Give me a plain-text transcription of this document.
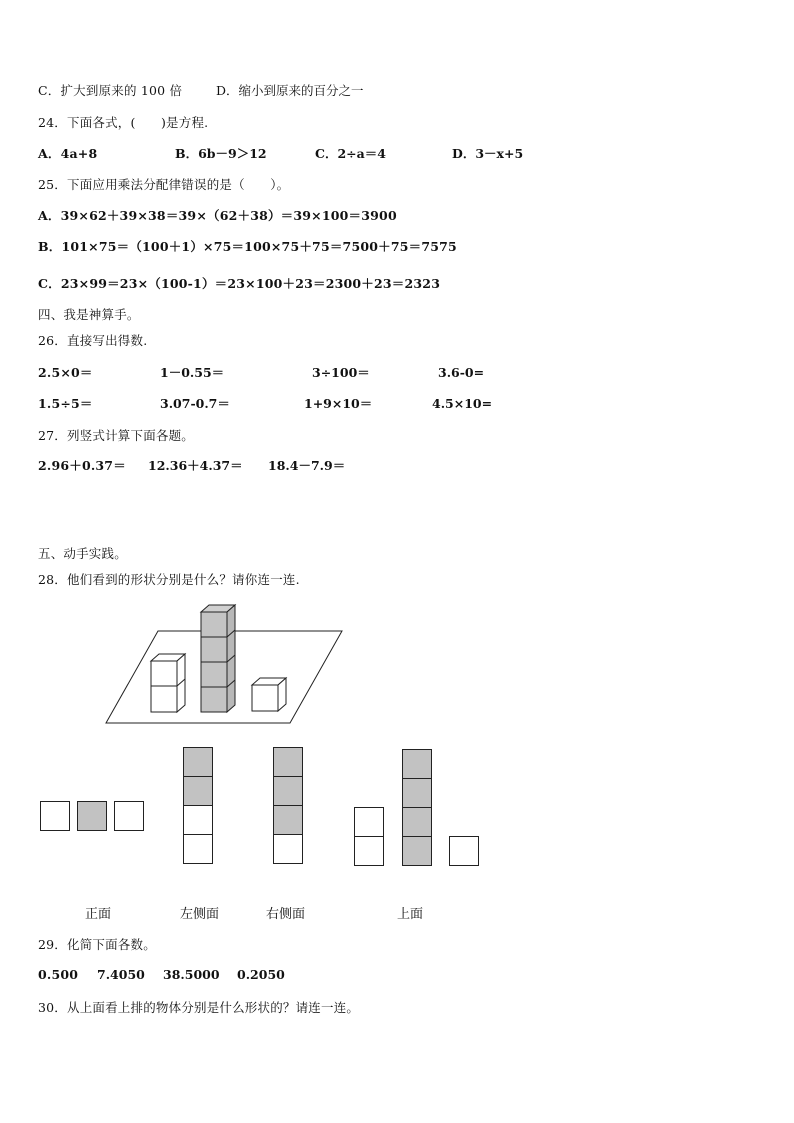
C．扩大到原来的 100 倍	D．缩小到原来的百分之一
24．下面各式，(　　)是方程.
A．4a+8	B．6b－9＞12	C．2÷a＝4	D．3－x+5
25．下面应用乘法分配律错误的是（　　）。
A．39×62＋39×38＝39×（62＋38）＝39×100＝3900
B．101×75＝（100＋1）×75＝100×75＋75＝7500＋75＝7575
C．23×99＝23×（100-1）＝23×100＋23＝2300＋23＝2323
四、我是神算手。
26．直接写出得数.
2.5×0＝	1－0.55＝	3÷100＝	3.6-0=
1.5÷5＝	3.07-0.7＝	1+9×10＝	4.5×10=
27．列竖式计算下面各题。
2.96＋0.37＝ 12.36＋4.37＝ 18.4－7.9＝
五、动手实践。
28．他们看到的形状分别是什么？请你连一连.
正面	左侧面	右侧面	上面
29．化简下面各数。
0.500 7.4050 38.5000 0.2050
30．从上面看上排的物体分别是什么形状的？请连一连。
